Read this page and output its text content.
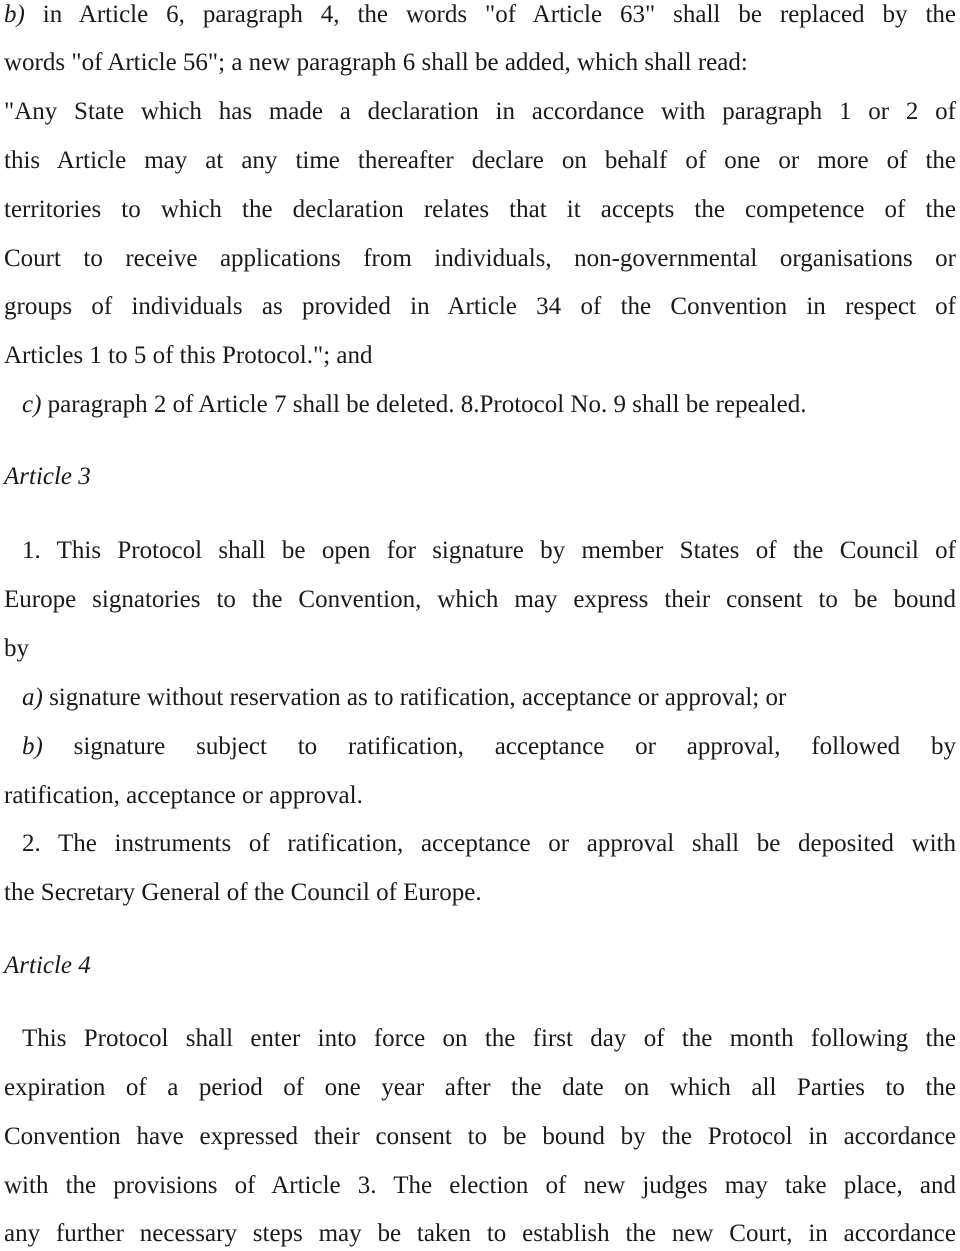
b) in Article 6, paragraph 4, the words "of Article 63" shall be replaced by the
words "of Article 56"; a new paragraph 6 shall be added, which shall read:
"Any State which has made a declaration in accordance with paragraph 1 or 2 of
this Article may at any time thereafter declare on behalf of one or more of the
territories to which the declaration relates that it accepts the competence of the
Court to receive applications from individuals, non-governmental organisations or
groups of individuals as provided in Article 34 of the Convention in respect of
Articles 1 to 5 of this Protocol."; and
c) paragraph 2 of Article 7 shall be deleted. 8.Protocol No. 9 shall be repealed.
Article 3
1. This Protocol shall be open for signature by member States of the Council of
Europe signatories to the Convention, which may express their consent to be bound
by
a) signature without reservation as to ratification, acceptance or approval; or
b) signature subject to ratification, acceptance or approval, followed by
ratification, acceptance or approval.
2. The instruments of ratification, acceptance or approval shall be deposited with
the Secretary General of the Council of Europe.
Article 4
This Protocol shall enter into force on the first day of the month following the
expiration of a period of one year after the date on which all Parties to the
Convention have expressed their consent to be bound by the Protocol in accordance
with the provisions of Article 3. The election of new judges may take place, and
any further necessary steps may be taken to establish the new Court, in accordance
